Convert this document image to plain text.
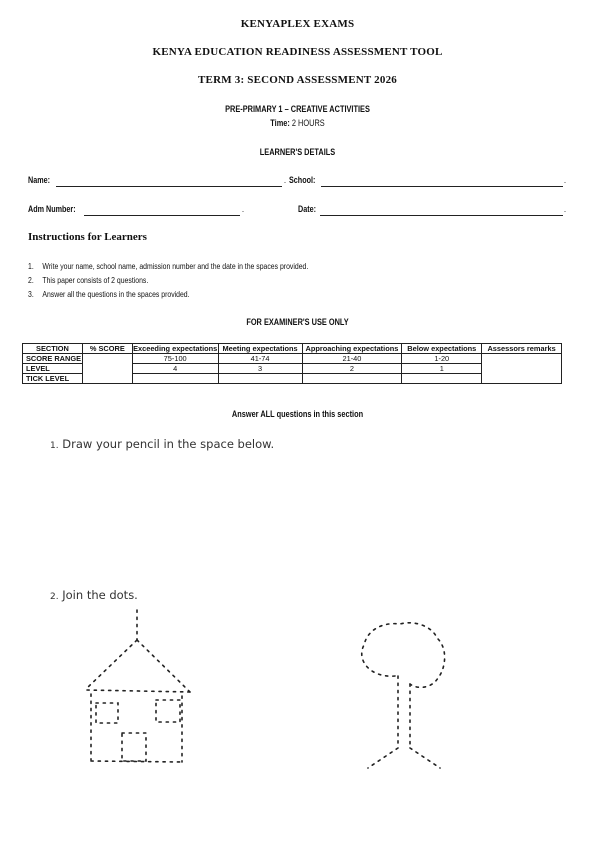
KENYAPLEX EXAMS
KENYA EDUCATION READINESS ASSESSMENT TOOL
TERM 3: SECOND ASSESSMENT 2026
PRE-PRIMARY 1 – CREATIVE ACTIVITIES
Time: 2 HOURS
LEARNER'S DETAILS
Name:	. School:	.
Adm Number:	.	Date:	.
Instructions for Learners
1. Write your name, school name, admission number and the date in the spaces provided.
2. This paper consists of 2 questions.
3. Answer all the questions in the spaces provided.
FOR EXAMINER'S USE ONLY
SECTION	% SCORE	Exceeding expectations	Meeting expectations	Approaching expectations	Below expectations	Assessors remarks
SCORE RANGE		75-100	41-74	21-40	1-20	
LEVEL		4	3	2	1	
TICK LEVEL						
Answer ALL questions in this section
1. Draw your pencil in the space below.
2. Join the dots.
